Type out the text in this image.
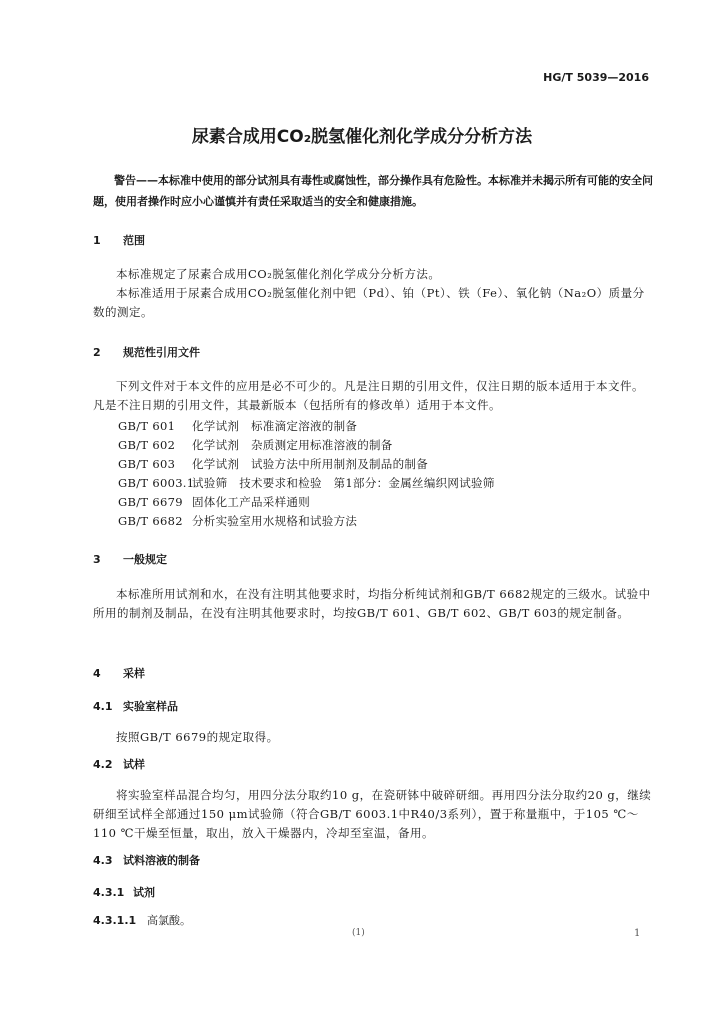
HG/T 5039—2016
尿素合成用CO₂脱氢催化剂化学成分分析方法
警告——本标准中使用的部分试剂具有毒性或腐蚀性，部分操作具有危险性。本标准并未揭示所有可能的安全问题，使用者操作时应小心谨慎并有责任采取适当的安全和健康措施。
1 范围
本标准规定了尿素合成用CO₂脱氢催化剂化学成分分析方法。
本标准适用于尿素合成用CO₂脱氢催化剂中钯（Pd）、铂（Pt）、铁（Fe）、氧化钠（Na₂O）质量分数的测定。
2 规范性引用文件
下列文件对于本文件的应用是必不可少的。凡是注日期的引用文件，仅注日期的版本适用于本文件。凡是不注日期的引用文件，其最新版本（包括所有的修改单）适用于本文件。
GB/T 601 化学试剂　标准滴定溶液的制备
GB/T 602 化学试剂　杂质测定用标准溶液的制备
GB/T 603 化学试剂　试验方法中所用制剂及制品的制备
GB/T 6003.1试验筛　技术要求和检验　第1部分：金属丝编织网试验筛
GB/T 6679 固体化工产品采样通则
GB/T 6682 分析实验室用水规格和试验方法
3 一般规定
本标准所用试剂和水，在没有注明其他要求时，均指分析纯试剂和GB/T 6682规定的三级水。试验中所用的制剂及制品，在没有注明其他要求时，均按GB/T 601、GB/T 602、GB/T 603的规定制备。
4 采样
4.1 实验室样品
按照GB/T 6679的规定取得。
4.2 试样
将实验室样品混合均匀，用四分法分取约10 g，在瓷研钵中破碎研细。再用四分法分取约20 g，继续研细至试样全部通过150 μm试验筛（符合GB/T 6003.1中R40/3系列），置于称量瓶中，于105 ℃～110 ℃干燥至恒量，取出，放入干燥器内，冷却至室温，备用。
4.3 试料溶液的制备
4.3.1 试剂
4.3.1.1 高氯酸。
(1)	1
